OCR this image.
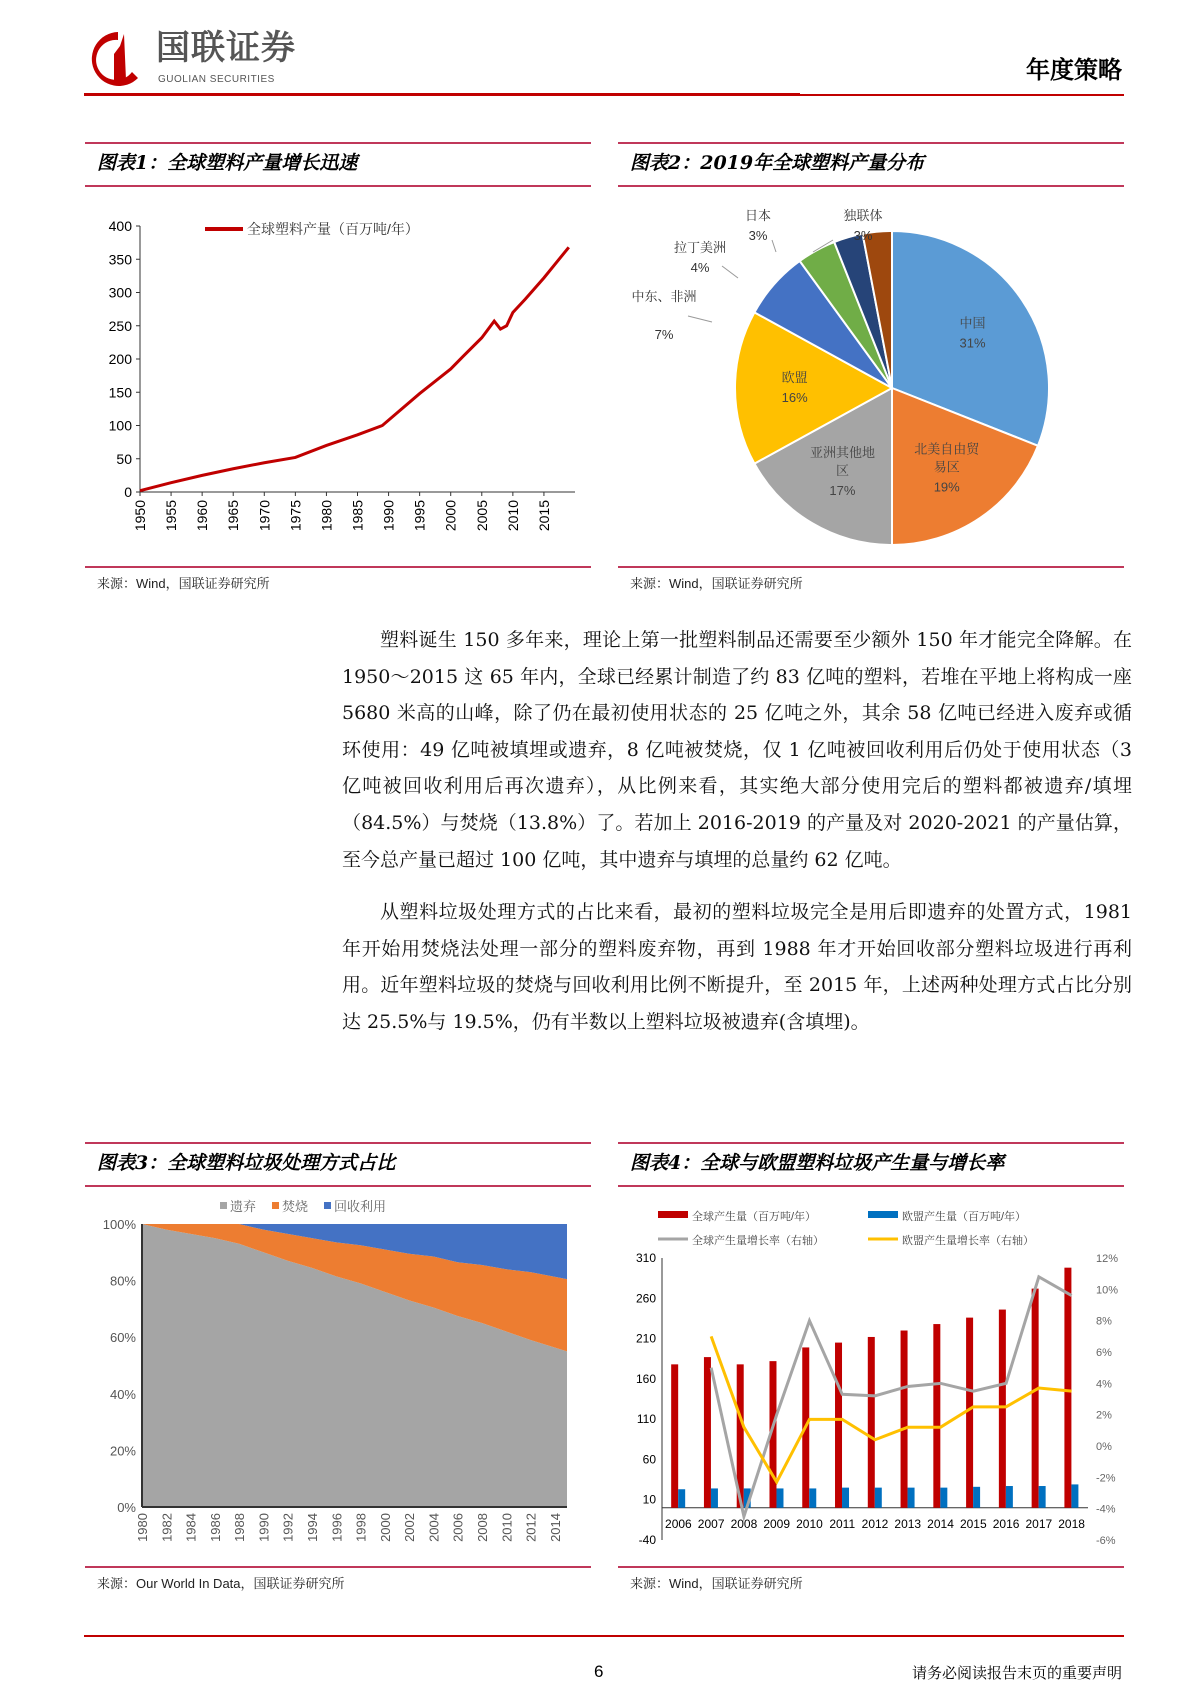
国联证券
GUOLIAN SECURITIES	年度策略
图表1：全球塑料产量增长迅速
0
50
100
150
200
250
300
350
400
1950 1955 1960 1965 1970 1975 1980 1985 1990 1995 2000 2005 2010 2015
全球塑料产量（百万吨/年）
来源：Wind，国联证券研究所
图表2：2019年全球塑料产量分布
中国
31%
北美自由贸
易区
19%
亚洲其他地
区
17%
欧盟
16%
中东、非洲
7%
拉丁美洲
4%
日本
3%
独联体
3%
来源：Wind，国联证券研究所

塑料诞生 150 多年来，理论上第一批塑料制品还需要至少额外 150 年才能完全降解。在 1950～2015 这 65 年内，全球已经累计制造了约 83 亿吨的塑料，若堆在平地上将构成一座 5680 米高的山峰，除了仍在最初使用状态的 25 亿吨之外，其余 58 亿吨已经进入废弃或循环使用：49 亿吨被填埋或遗弃，8 亿吨被焚烧，仅 1 亿吨被回收利用后仍处于使用状态（3 亿吨被回收利用后再次遗弃），从比例来看，其实绝大部分使用完后的塑料都被遗弃/填埋（84.5%）与焚烧（13.8%）了。若加上 2016-2019 的产量及对 2020-2021 的产量估算，至今总产量已超过 100 亿吨，其中遗弃与填埋的总量约 62 亿吨。

从塑料垃圾处理方式的占比来看，最初的塑料垃圾完全是用后即遗弃的处置方式，1981 年开始用焚烧法处理一部分的塑料废弃物，再到 1988 年才开始回收部分塑料垃圾进行再利用。近年塑料垃圾的焚烧与回收利用比例不断提升，至 2015 年，上述两种处理方式占比分别达 25.5%与 19.5%，仍有半数以上塑料垃圾被遗弃(含填埋)。

图表3：全球塑料垃圾处理方式占比
0%
20%
40%
60%
80%
100%
1980 1982 1984 1986 1988 1990 1992 1994 1996 1998 2000 2002 2004 2006 2008 2010 2012 2014
遗弃 焚烧 回收利用
来源：Our World In Data，国联证券研究所
图表4：全球与欧盟塑料垃圾产生量与增长率
310
260
210
160
110
60
10
-40
12%
10%
8%
6%
4%
2%
0%
-2%
-4%
-6%
2006 2007 2008 2009 2010 2011 2012 2013 2014 2015 2016 2017 2018
全球产生量（百万吨/年）	欧盟产生量（百万吨/年）
全球产生量增长率（右轴）	欧盟产生量增长率（右轴）
来源：Wind，国联证券研究所
6	请务必阅读报告末页的重要声明
